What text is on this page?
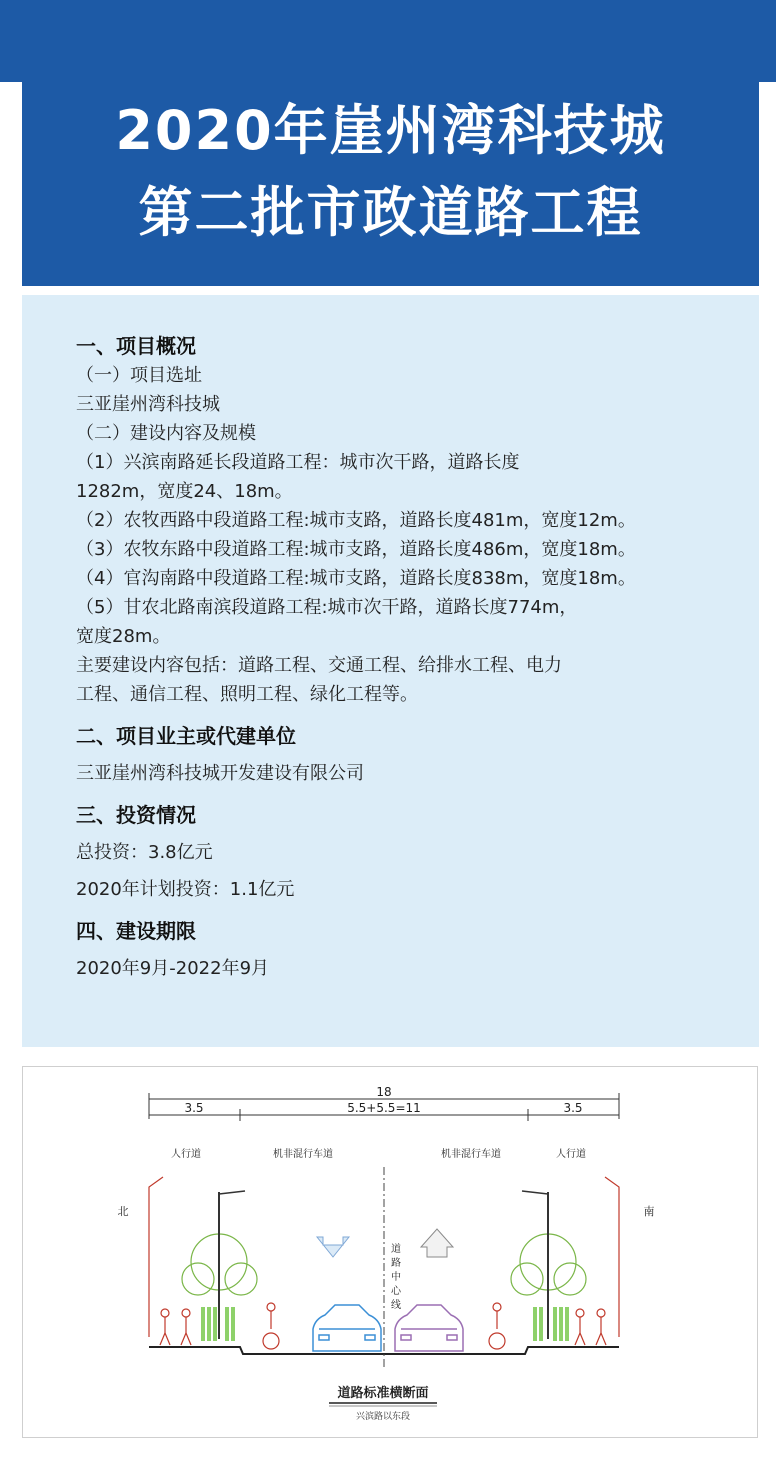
2020年崖州湾科技城
第二批市政道路工程
一、项目概况
（一）项目选址
三亚崖州湾科技城
（二）建设内容及规模
（1）兴滨南路延长段道路工程：城市次干路，道路长度
1282m，宽度24、18m。
（2）农牧西路中段道路工程:城市支路，道路长度481m，宽度12m。
（3）农牧东路中段道路工程:城市支路，道路长度486m，宽度18m。
（4）官沟南路中段道路工程:城市支路，道路长度838m，宽度18m。
（5）甘农北路南滨段道路工程:城市次干路，道路长度774m，
宽度28m。
主要建设内容包括：道路工程、交通工程、给排水工程、电力
工程、通信工程、照明工程、绿化工程等。
二、项目业主或代建单位
三亚崖州湾科技城开发建设有限公司
三、投资情况
总投资：3.8亿元
2020年计划投资：1.1亿元
四、建设期限
2020年9月-2022年9月
18
3.5	5.5+5.5=11	3.5
人行道	机非混行车道	机非混行车道	人行道
北	南
道
路
中
心
线
道路标准横断面
兴滨路以东段
